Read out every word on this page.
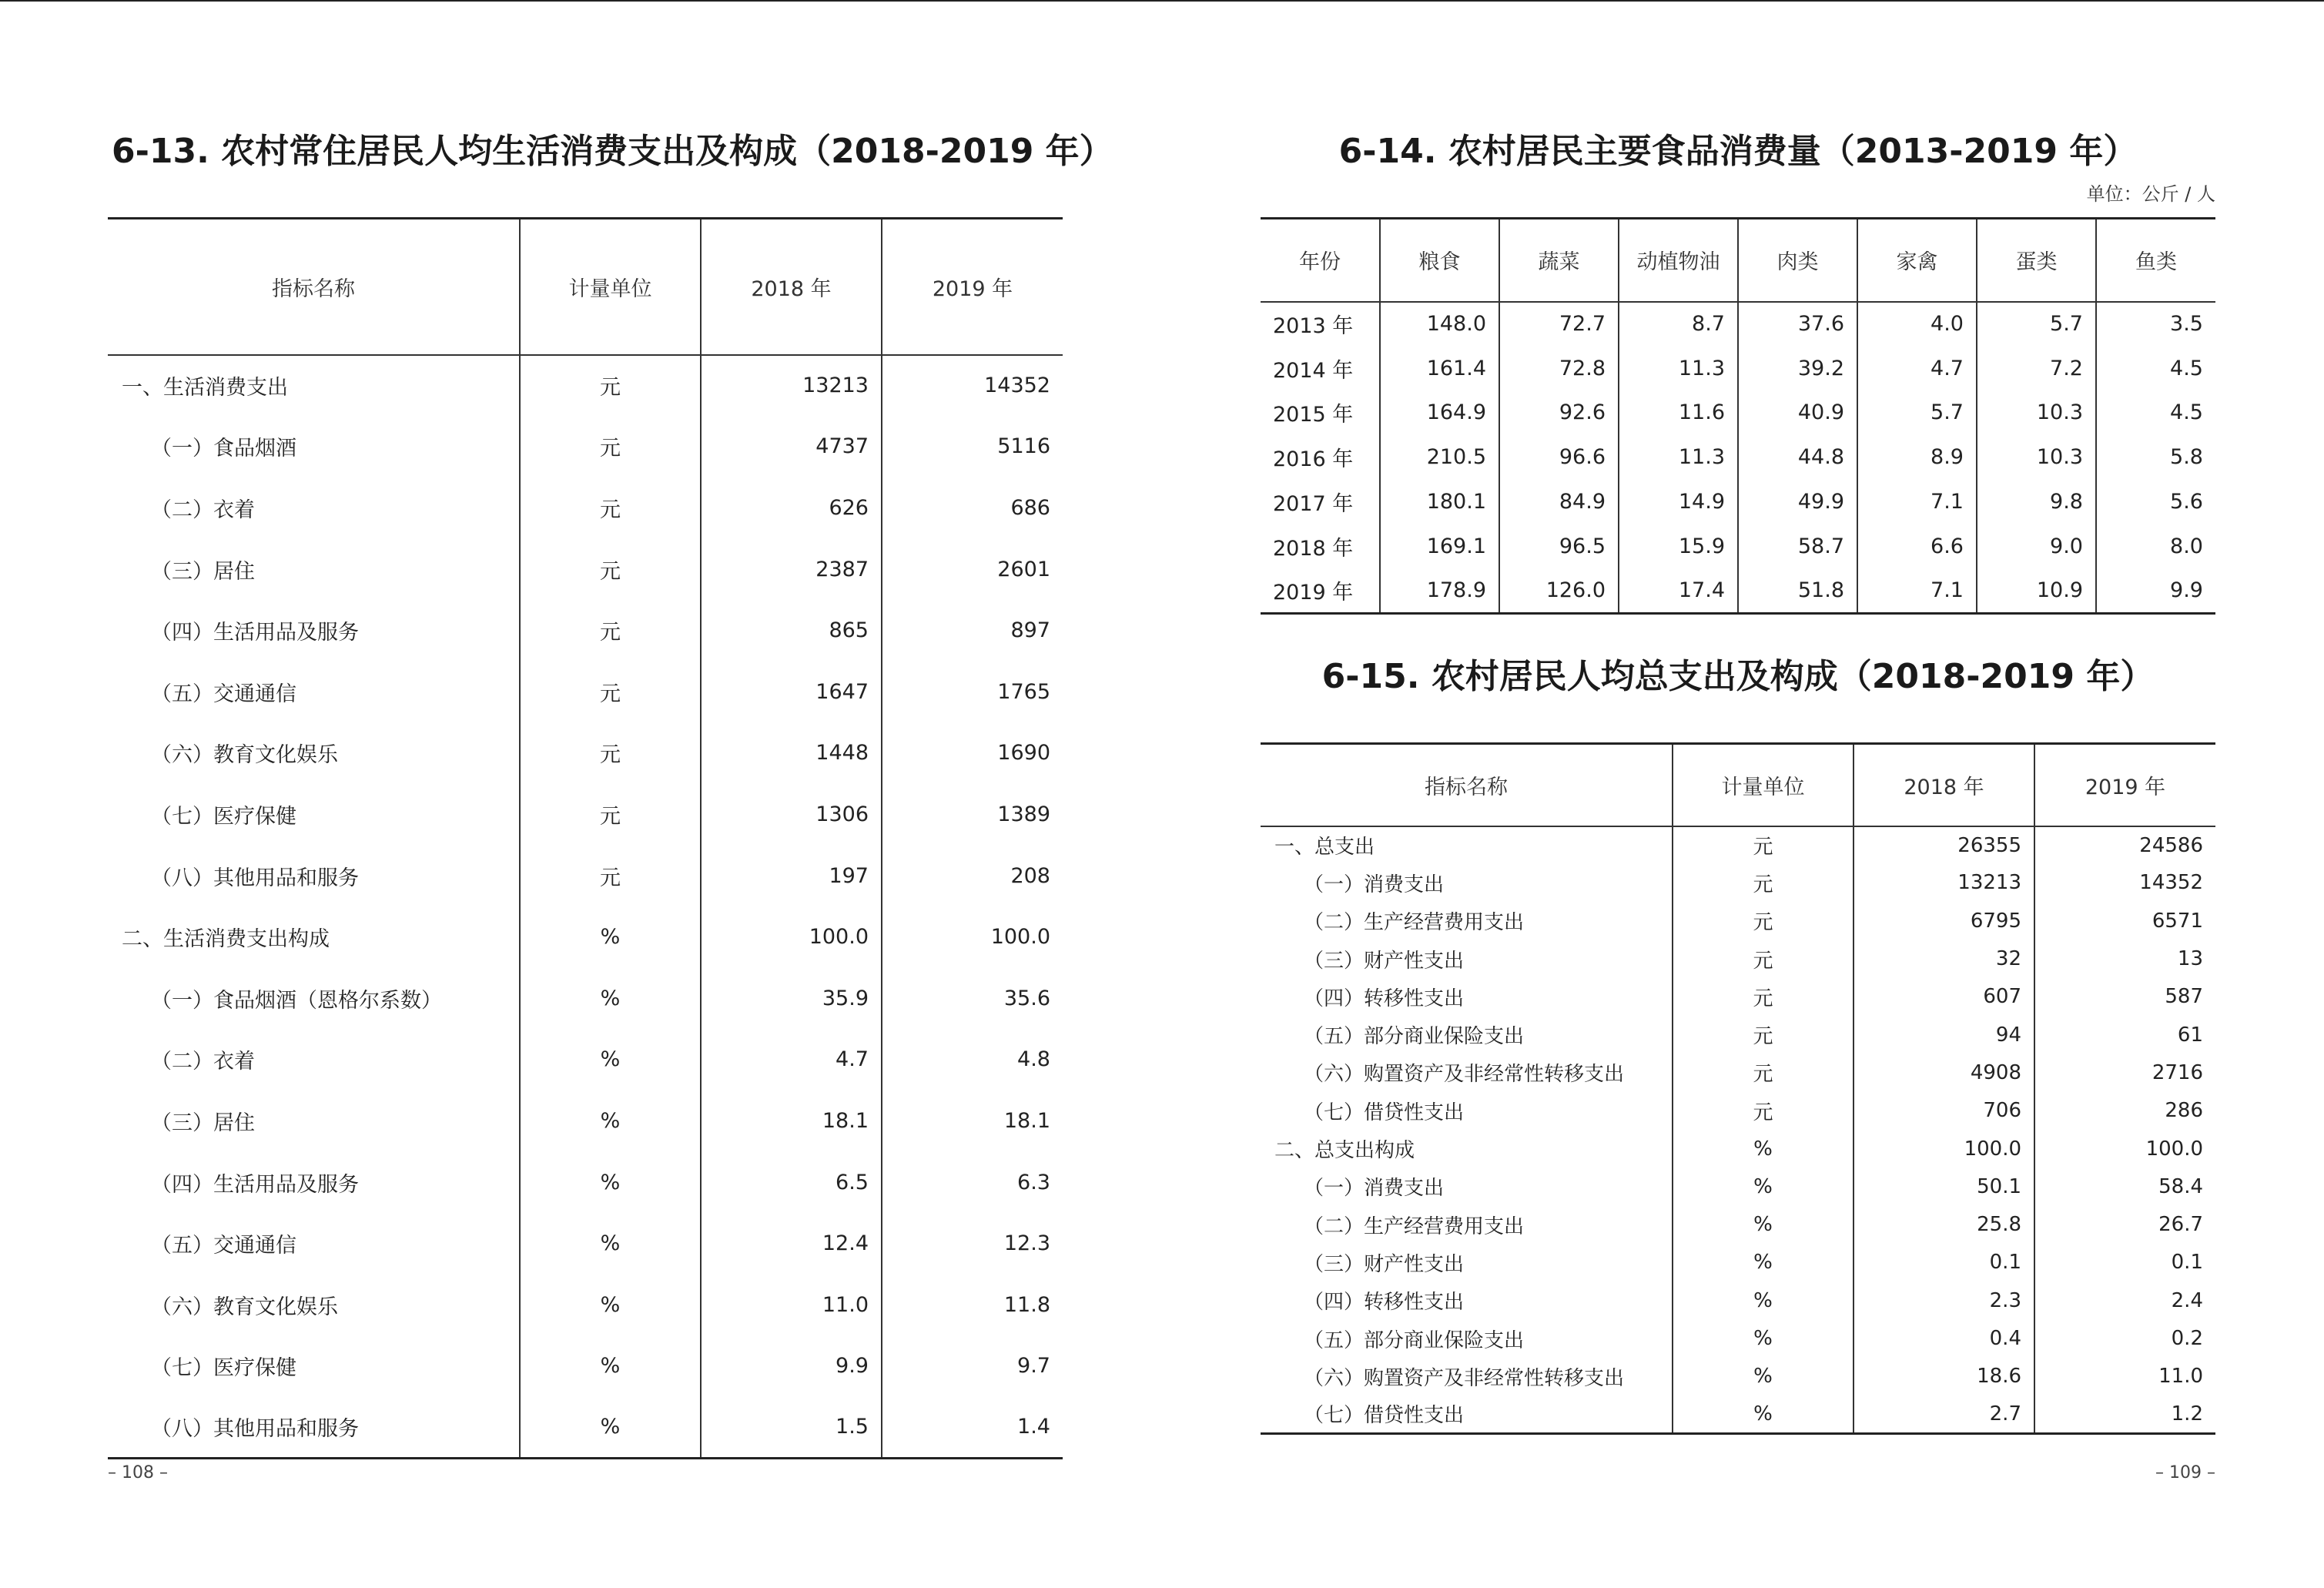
6-13. 农村常住居民人均生活消费支出及构成（2018-2019 年）
指标名称	计量单位	2018 年	2019 年
一、生活消费支出	元	13213	14352
（一）食品烟酒	元	4737	5116
（二）衣着	元	626	686
（三）居住	元	2387	2601
（四）生活用品及服务	元	865	897
（五）交通通信	元	1647	1765
（六）教育文化娱乐	元	1448	1690
（七）医疗保健	元	1306	1389
（八）其他用品和服务	元	197	208
二、生活消费支出构成	%	100.0	100.0
（一）食品烟酒（恩格尔系数）	%	35.9	35.6
（二）衣着	%	4.7	4.8
（三）居住	%	18.1	18.1
（四）生活用品及服务	%	6.5	6.3
（五）交通通信	%	12.4	12.3
（六）教育文化娱乐	%	11.0	11.8
（七）医疗保健	%	9.9	9.7
（八）其他用品和服务	%	1.5	1.4
– 108 –
6-14. 农村居民主要食品消费量（2013-2019 年）
单位：公斤 / 人
年份	粮食	蔬菜	动植物油	肉类	家禽	蛋类	鱼类
2013 年	148.0	72.7	8.7	37.6	4.0	5.7	3.5
2014 年	161.4	72.8	11.3	39.2	4.7	7.2	4.5
2015 年	164.9	92.6	11.6	40.9	5.7	10.3	4.5
2016 年	210.5	96.6	11.3	44.8	8.9	10.3	5.8
2017 年	180.1	84.9	14.9	49.9	7.1	9.8	5.6
2018 年	169.1	96.5	15.9	58.7	6.6	9.0	8.0
2019 年	178.9	126.0	17.4	51.8	7.1	10.9	9.9
6-15. 农村居民人均总支出及构成（2018-2019 年）
指标名称	计量单位	2018 年	2019 年
一、总支出	元	26355	24586
（一）消费支出	元	13213	14352
（二）生产经营费用支出	元	6795	6571
（三）财产性支出	元	32	13
（四）转移性支出	元	607	587
（五）部分商业保险支出	元	94	61
（六）购置资产及非经常性转移支出	元	4908	2716
（七）借贷性支出	元	706	286
二、总支出构成	%	100.0	100.0
（一）消费支出	%	50.1	58.4
（二）生产经营费用支出	%	25.8	26.7
（三）财产性支出	%	0.1	0.1
（四）转移性支出	%	2.3	2.4
（五）部分商业保险支出	%	0.4	0.2
（六）购置资产及非经常性转移支出	%	18.6	11.0
（七）借贷性支出	%	2.7	1.2
– 109 –
